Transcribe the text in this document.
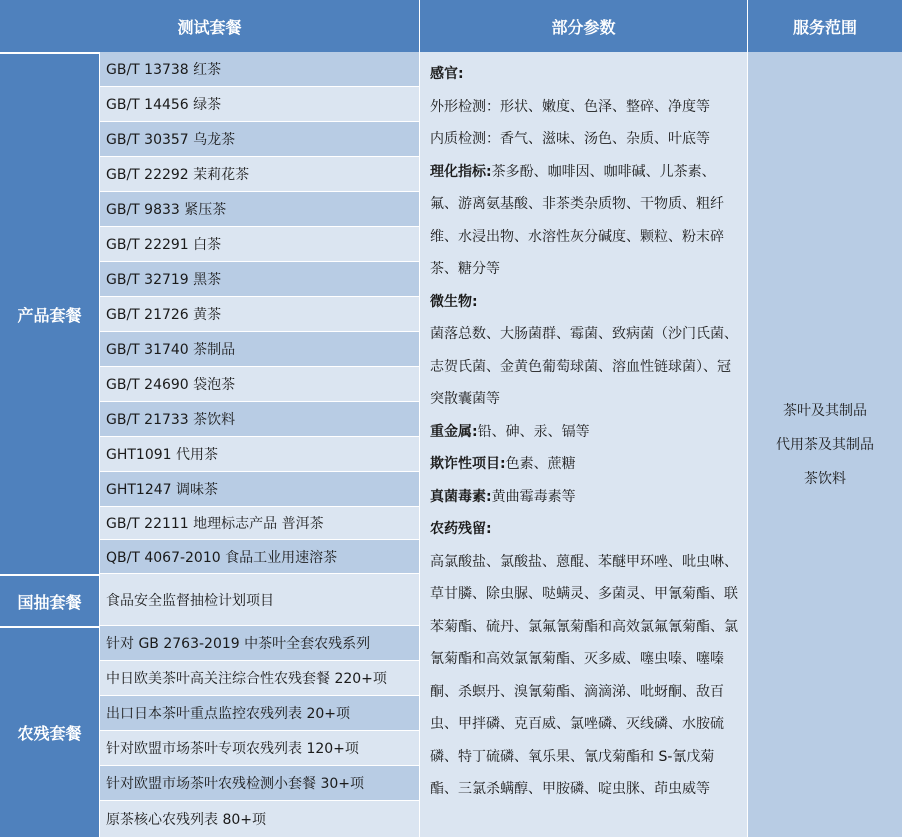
测试套餐	部分参数	服务范围
产品套餐
国抽套餐
农残套餐
GB/T 13738 红茶
GB/T 14456 绿茶
GB/T 30357 乌龙茶
GB/T 22292 茉莉花茶
GB/T 9833 紧压茶
GB/T 22291 白茶
GB/T 32719 黑茶
GB/T 21726 黄茶
GB/T 31740 茶制品
GB/T 24690 袋泡茶
GB/T 21733 茶饮料
GHT1091 代用茶
GHT1247 调味茶
GB/T 22111 地理标志产品 普洱茶
QB/T 4067-2010 食品工业用速溶茶
食品安全监督抽检计划项目
针对 GB 2763-2019 中茶叶全套农残系列
中日欧美茶叶高关注综合性农残套餐 220+项
出口日本茶叶重点监控农残列表 20+项
针对欧盟市场茶叶专项农残列表 120+项
针对欧盟市场茶叶农残检测小套餐 30+项
原茶核心农残列表 80+项
感官:
外形检测：形状、嫩度、色泽、整碎、净度等
内质检测：香气、滋味、汤色、杂质、叶底等
理化指标:茶多酚、咖啡因、咖啡碱、儿茶素、氟、游离氨基酸、非茶类杂质物、干物质、粗纤维、水浸出物、水溶性灰分碱度、颗粒、粉末碎茶、糖分等
微生物:
菌落总数、大肠菌群、霉菌、致病菌（沙门氏菌、志贺氏菌、金黄色葡萄球菌、溶血性链球菌）、冠突散囊菌等
重金属:铅、砷、汞、镉等
欺诈性项目:色素、蔗糖
真菌毒素:黄曲霉毒素等
农药残留:
高氯酸盐、氯酸盐、蒽醌、苯醚甲环唑、吡虫啉、草甘膦、除虫脲、哒螨灵、多菌灵、甲氰菊酯、联苯菊酯、硫丹、氯氟氰菊酯和高效氯氟氰菊酯、氯氰菊酯和高效氯氰菊酯、灭多威、噻虫嗪、噻嗪酮、杀螟丹、溴氰菊酯、滴滴涕、吡蚜酮、敌百虫、甲拌磷、克百威、氯唑磷、灭线磷、水胺硫磷、特丁硫磷、氧乐果、氰戊菊酯和 S-氰戊菊酯、三氯杀螨醇、甲胺磷、啶虫脒、茚虫威等
茶叶及其制品
代用茶及其制品
茶饮料
